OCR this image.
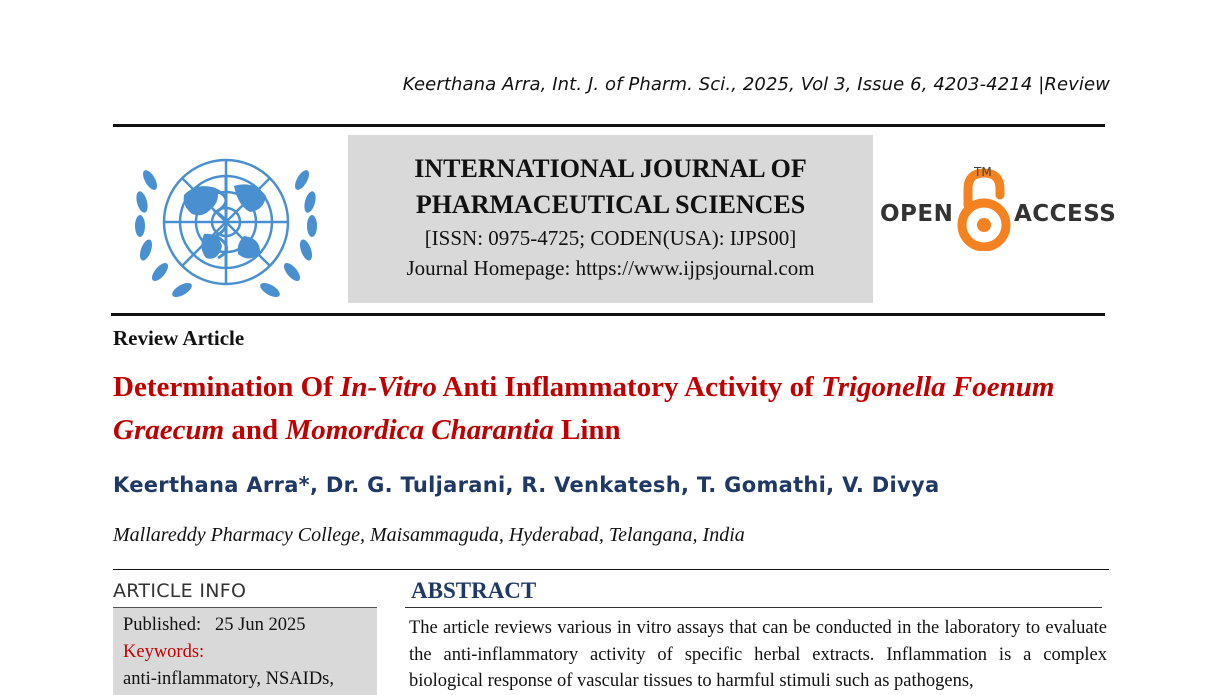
Keerthana Arra, Int. J. of Pharm. Sci., 2025, Vol 3, Issue 6, 4203-4214 |Review
INTERNATIONAL JOURNAL OF
PHARMACEUTICAL SCIENCES
[ISSN: 0975-4725; CODEN(USA): IJPS00]
Journal Homepage: https://www.ijpsjournal.com
OPEN
TM
ACCESS
Review Article
Determination Of In-Vitro Anti Inflammatory Activity of Trigonella Foenum Graecum and Momordica Charantia Linn
Keerthana Arra*, Dr. G. Tuljarani, R. Venkatesh, T. Gomathi, V. Divya
Mallareddy Pharmacy College, Maisammaguda, Hyderabad, Telangana, India
ARTICLE INFO
Published: 25 Jun 2025
Keywords:
anti-inflammatory, NSAIDs,
ABSTRACT

The article reviews various in vitro assays that can be conducted in the laboratory to evaluate the anti-inflammatory activity of specific herbal extracts. Inflammation is a complex biological response of vascular tissues to harmful stimuli such as pathogens,
